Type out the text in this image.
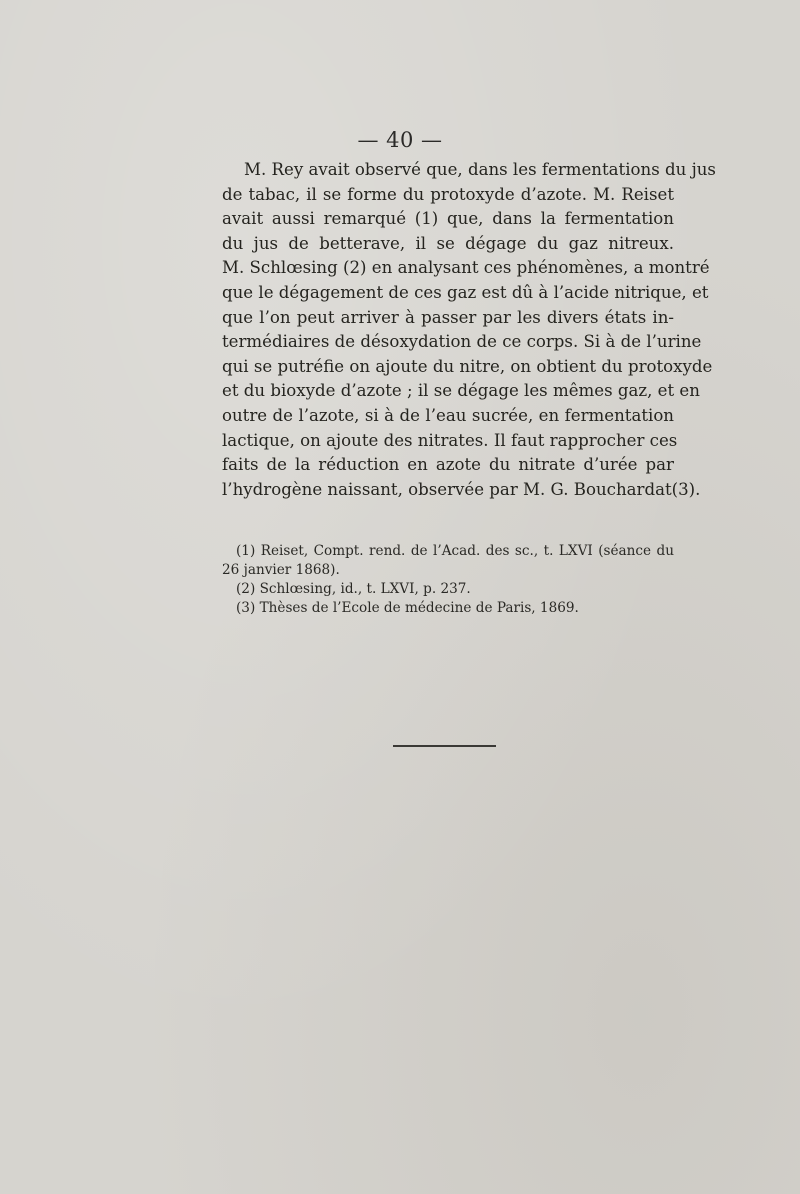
— 40 —
M. Rey avait observé que, dans les fermentations du jus
de tabac, il se forme du protoxyde d’azote. M. Reiset
avait aussi remarqué (1) que, dans la fermentation
du jus de betterave, il se dégage du gaz nitreux.
M. Schlœsing (2) en analysant ces phénomènes, a montré
que le dégagement de ces gaz est dû à l’acide nitrique, et
que l’on peut arriver à passer par les divers états in-
termédiaires de désoxydation de ce corps. Si à de l’urine
qui se putréfie on ajoute du nitre, on obtient du protoxyde
et du bioxyde d’azote ; il se dégage les mêmes gaz, et en
outre de l’azote, si à de l’eau sucrée, en fermentation
lactique, on ajoute des nitrates. Il faut rapprocher ces
faits de la réduction en azote du nitrate d’urée par
l’hydrogène naissant, observée par M. G. Bouchardat(3).
(1) Reiset, Compt. rend. de l’Acad. des sc., t. LXVI (séance du
26 janvier 1868).
(2) Schlœsing, id., t. LXVI, p. 237.
(3) Thèses de l’Ecole de médecine de Paris, 1869.
